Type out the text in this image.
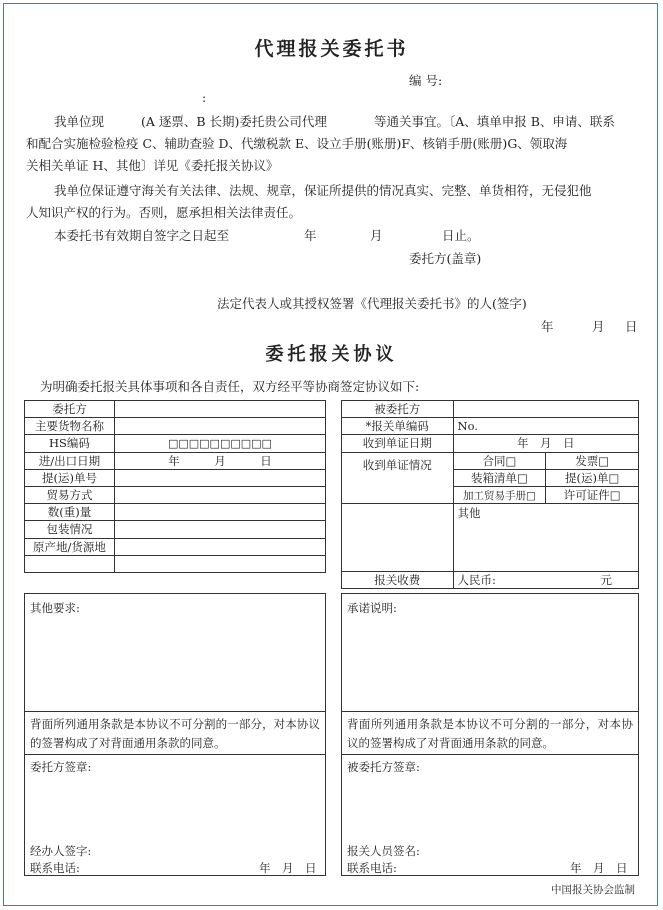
代理报关委托书
编 号:
:
我单位现	(A 逐票、B 长期)委托贵公司代理	等通关事宜。〔A、填单申报 B、申请、联系
和配合实施检验检疫 C、辅助查验 D、代缴税款 E、设立手册(账册)F、核销手册(账册)G、领取海
关相关单证 H、其他〕详见《委托报关协议》
我单位保证遵守海关有关法律、法规、规章，保证所提供的情况真实、完整、单货相符，无侵犯他
人知识产权的行为。否则，愿承担相关法律责任。
本委托书有效期自签字之日起至	年	月	日止。
委托方(盖章)
法定代表人或其授权签署《代理报关委托书》的人(签字)
年	月 日
委托报关协议
为明确委托报关具体事项和各自责任，双方经平等协商签定协议如下:
委托方	
主要货物名称	
HS编码	□□□□□□□□□□
进/出口日期	年　　　月　　　日
提(运)单号	
贸易方式	
数(重)量	
包装情况	
原产地/货源地	

被委托方		
*报关单编码	No.	
收到单证日期	年　月　日	
收到单证情况	合同□	发票□
	装箱清单□	提(运)单□
	加工贸易手册□	许可证件□
	其他	
报关收费	人民币: 元	
其他要求:
背面所列通用条款是本协议不可分割的一部分，对本协议的签署构成了对背面通用条款的同意。
委托方签章:
经办人签字:
联系电话:	年　月　日
承诺说明:
背面所列通用条款是本协议不可分割的一部分，对本协议的签署构成了对背面通用条款的同意。
被委托方签章:
报关人员签名:
联系电话:	年　月　日
中国报关协会监制
